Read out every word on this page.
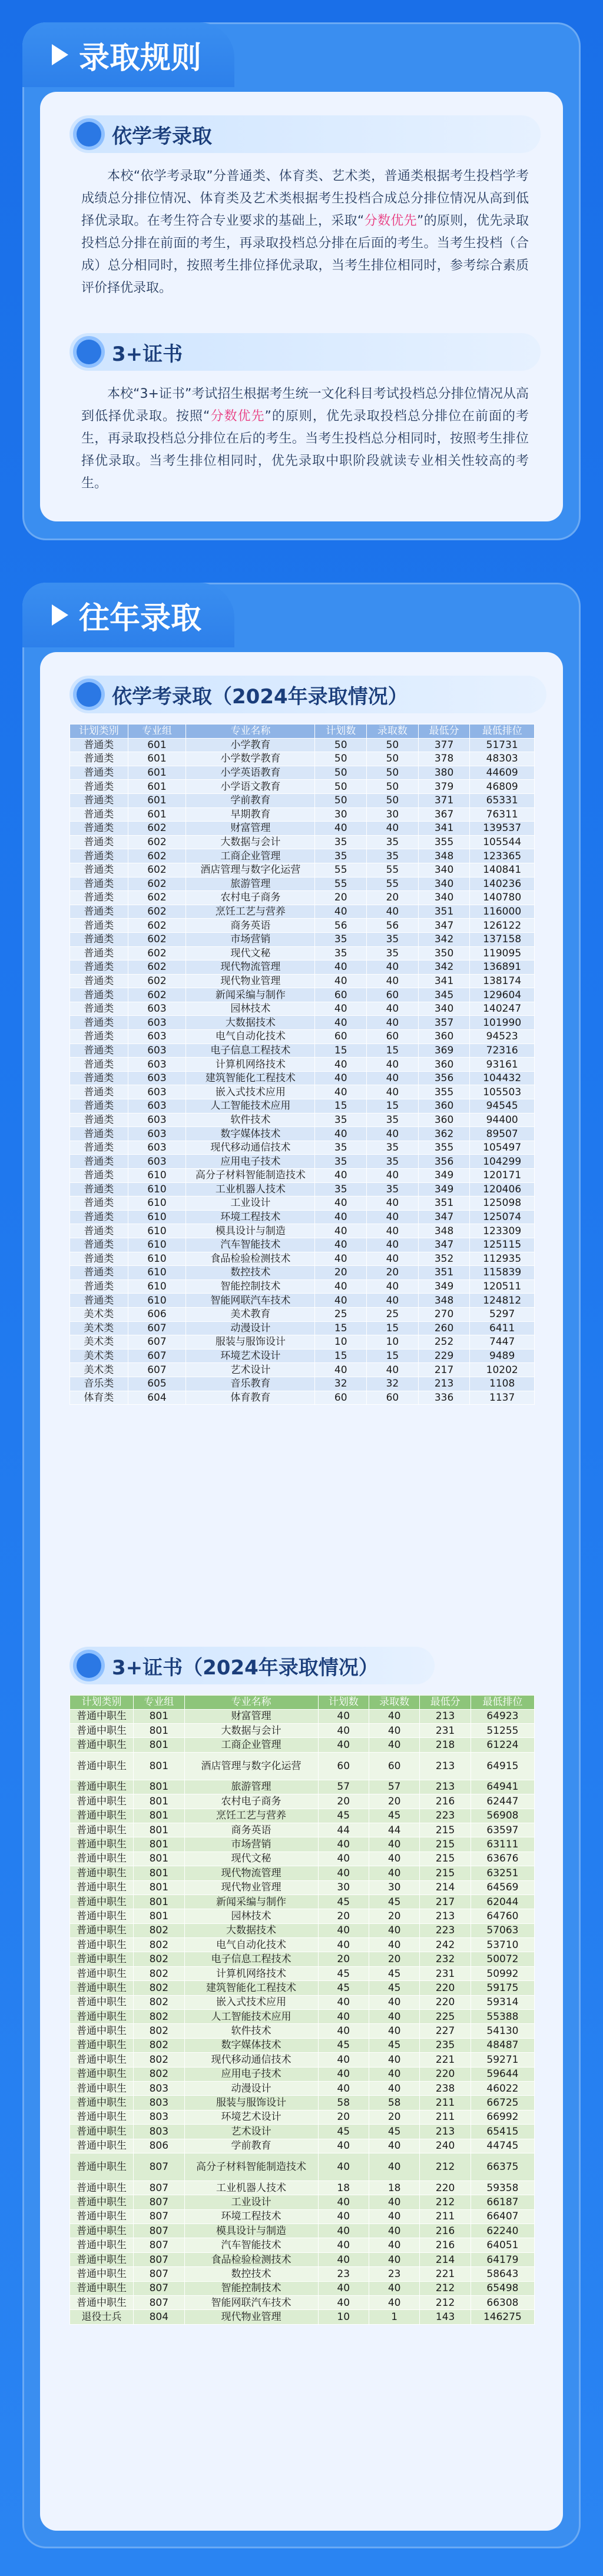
录取规则
依学考录取
本校“依学考录取”分普通类、体育类、艺术类，普通类根据考生投档学考成绩总分排位情况、体育类及艺术类根据考生投档合成总分排位情况从高到低择优录取。在考生符合专业要求的基础上，采取“分数优先”的原则，优先录取投档总分排在前面的考生，再录取投档总分排在后面的考生。当考生投档（合成）总分相同时，按照考生排位择优录取，当考生排位相同时，参考综合素质评价择优录取。
3+证书
本校“3+证书”考试招生根据考生统一文化科目考试投档总分排位情况从高到低择优录取。按照“分数优先”的原则，优先录取投档总分排位在前面的考生，再录取投档总分排位在后的考生。当考生投档总分相同时，按照考生排位择优录取。当考生排位相同时，优先录取中职阶段就读专业相关性较高的考生。
往年录取
依学考录取（2024年录取情况）
计划类别	专业组	专业名称	计划数	录取数	最低分	最低排位
普通类	601	小学教育	50	50	377	51731
普通类	601	小学数学教育	50	50	378	48303
普通类	601	小学英语教育	50	50	380	44609
普通类	601	小学语文教育	50	50	379	46809
普通类	601	学前教育	50	50	371	65331
普通类	601	早期教育	30	30	367	76311
普通类	602	财富管理	40	40	341	139537
普通类	602	大数据与会计	35	35	355	105544
普通类	602	工商企业管理	35	35	348	123365
普通类	602	酒店管理与数字化运营	55	55	340	140841
普通类	602	旅游管理	55	55	340	140236
普通类	602	农村电子商务	20	20	340	140780
普通类	602	烹饪工艺与营养	40	40	351	116000
普通类	602	商务英语	56	56	347	126122
普通类	602	市场营销	35	35	342	137158
普通类	602	现代文秘	35	35	350	119095
普通类	602	现代物流管理	40	40	342	136891
普通类	602	现代物业管理	40	40	341	138174
普通类	602	新闻采编与制作	60	60	345	129604
普通类	603	园林技术	40	40	340	140247
普通类	603	大数据技术	40	40	357	101990
普通类	603	电气自动化技术	60	60	360	94523
普通类	603	电子信息工程技术	15	15	369	72316
普通类	603	计算机网络技术	40	40	360	93161
普通类	603	建筑智能化工程技术	40	40	356	104432
普通类	603	嵌入式技术应用	40	40	355	105503
普通类	603	人工智能技术应用	15	15	360	94545
普通类	603	软件技术	35	35	360	94400
普通类	603	数字媒体技术	40	40	362	89507
普通类	603	现代移动通信技术	35	35	355	105497
普通类	603	应用电子技术	35	35	356	104299
普通类	610	高分子材料智能制造技术	40	40	349	120171
普通类	610	工业机器人技术	35	35	349	120406
普通类	610	工业设计	40	40	351	125098
普通类	610	环境工程技术	40	40	347	125074
普通类	610	模具设计与制造	40	40	348	123309
普通类	610	汽车智能技术	40	40	347	125115
普通类	610	食品检验检测技术	40	40	352	112935
普通类	610	数控技术	20	20	351	115839
普通类	610	智能控制技术	40	40	349	120511
普通类	610	智能网联汽车技术	40	40	348	124812
美术类	606	美术教育	25	25	270	5297
美术类	607	动漫设计	15	15	260	6411
美术类	607	服装与服饰设计	10	10	252	7447
美术类	607	环境艺术设计	15	15	229	9489
美术类	607	艺术设计	40	40	217	10202
音乐类	605	音乐教育	32	32	213	1108
体育类	604	体育教育	60	60	336	1137
3+证书（2024年录取情况）
计划类别	专业组	专业名称	计划数	录取数	最低分	最低排位
普通中职生	801	财富管理	40	40	213	64923
普通中职生	801	大数据与会计	40	40	231	51255
普通中职生	801	工商企业管理	40	40	218	61224
普通中职生	801	酒店管理与数字化运营	60	60	213	64915
普通中职生	801	旅游管理	57	57	213	64941
普通中职生	801	农村电子商务	20	20	216	62447
普通中职生	801	烹饪工艺与营养	45	45	223	56908
普通中职生	801	商务英语	44	44	215	63597
普通中职生	801	市场营销	40	40	215	63111
普通中职生	801	现代文秘	40	40	215	63676
普通中职生	801	现代物流管理	40	40	215	63251
普通中职生	801	现代物业管理	30	30	214	64569
普通中职生	801	新闻采编与制作	45	45	217	62044
普通中职生	801	园林技术	20	20	213	64760
普通中职生	802	大数据技术	40	40	223	57063
普通中职生	802	电气自动化技术	40	40	242	53710
普通中职生	802	电子信息工程技术	20	20	232	50072
普通中职生	802	计算机网络技术	45	45	231	50992
普通中职生	802	建筑智能化工程技术	45	45	220	59175
普通中职生	802	嵌入式技术应用	40	40	220	59314
普通中职生	802	人工智能技术应用	40	40	225	55388
普通中职生	802	软件技术	40	40	227	54130
普通中职生	802	数字媒体技术	45	45	235	48487
普通中职生	802	现代移动通信技术	40	40	221	59271
普通中职生	802	应用电子技术	40	40	220	59644
普通中职生	803	动漫设计	40	40	238	46022
普通中职生	803	服装与服饰设计	58	58	211	66725
普通中职生	803	环境艺术设计	20	20	211	66992
普通中职生	803	艺术设计	45	45	213	65415
普通中职生	806	学前教育	40	40	240	44745
普通中职生	807	高分子材料智能制造技术	40	40	212	66375
普通中职生	807	工业机器人技术	18	18	220	59358
普通中职生	807	工业设计	40	40	212	66187
普通中职生	807	环境工程技术	40	40	211	66407
普通中职生	807	模具设计与制造	40	40	216	62240
普通中职生	807	汽车智能技术	40	40	216	64051
普通中职生	807	食品检验检测技术	40	40	214	64179
普通中职生	807	数控技术	23	23	221	58643
普通中职生	807	智能控制技术	40	40	212	65498
普通中职生	807	智能网联汽车技术	40	40	212	66308
退役士兵	804	现代物业管理	10	1	143	146275
